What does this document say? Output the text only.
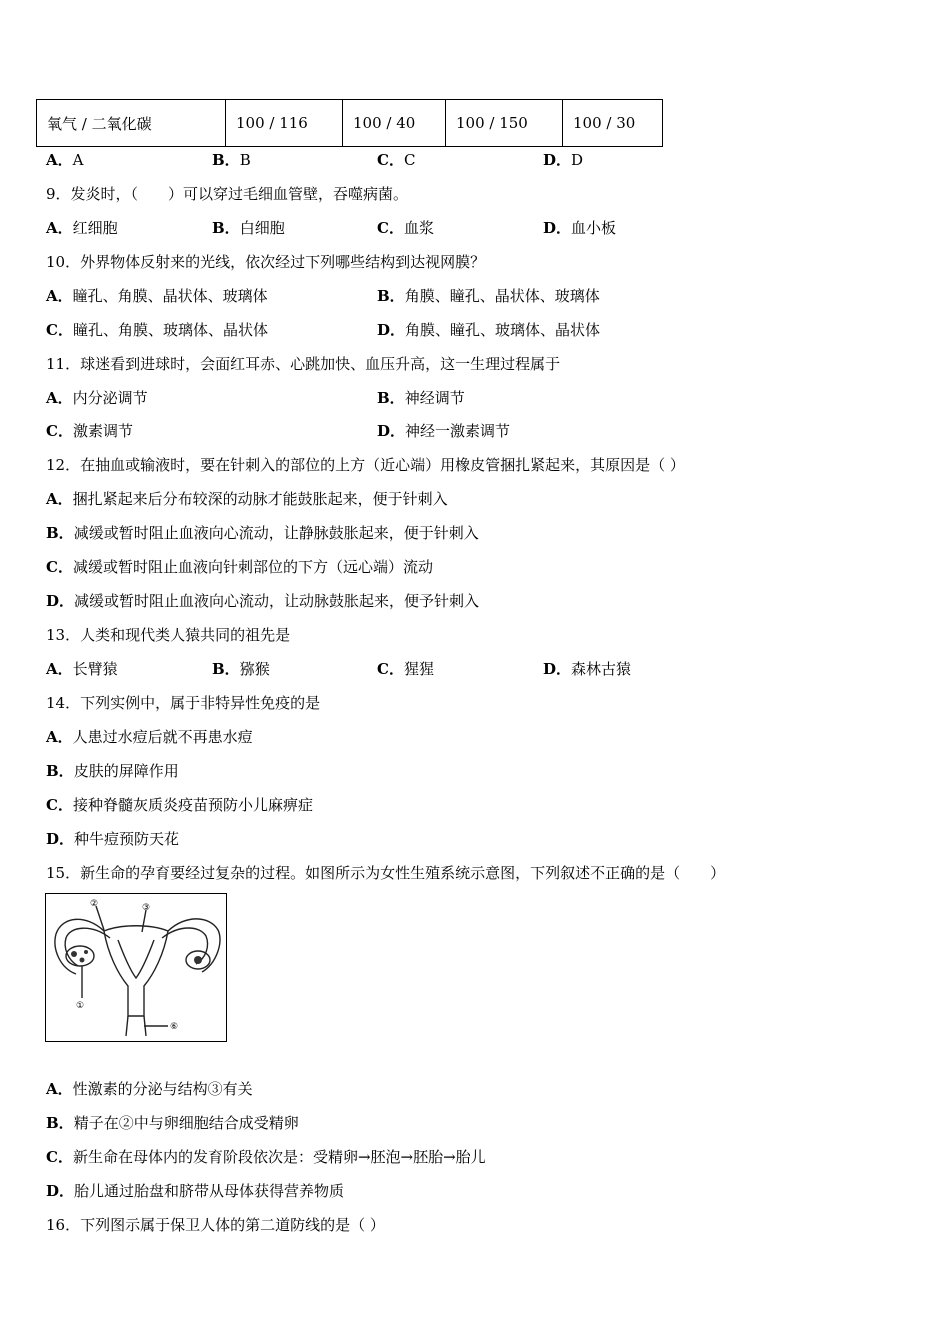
氧气 / 二氧化碳	100 / 116	100 / 40	100 / 150	100 / 30
A．A	B．B	C．C	D．D
9．发炎时，（　　）可以穿过毛细血管壁，吞噬病菌。
A．红细胞	B．白细胞	C．血浆	D．血小板
10．外界物体反射来的光线，依次经过下列哪些结构到达视网膜？
A．瞳孔、角膜、晶状体、玻璃体	B．角膜、瞳孔、晶状体、玻璃体
C．瞳孔、角膜、玻璃体、晶状体	D．角膜、瞳孔、玻璃体、晶状体
11．球迷看到进球时，会面红耳赤、心跳加快、血压升高，这一生理过程属于
A．内分泌调节	B．神经调节
C．激素调节	D．神经一激素调节
12．在抽血或输液时，要在针刺入的部位的上方（近心端）用橡皮管捆扎紧起来，其原因是（ ）
A．捆扎紧起来后分布较深的动脉才能鼓胀起来，便于针刺入
B．减缓或暂时阻止血液向心流动，让静脉鼓胀起来，便于针刺入
C．减缓或暂时阻止血液向针刺部位的下方（远心端）流动
D．减缓或暂时阻止血液向心流动，让动脉鼓胀起来，便予针刺入
13．人类和现代类人猿共同的祖先是
A．长臂猿	B．猕猴	C．猩猩	D．森林古猿
14．下列实例中，属于非特异性免疫的是
A．人患过水痘后就不再患水痘
B．皮肤的屏障作用
C．接种脊髓灰质炎疫苗预防小儿麻痹症
D．种牛痘预防天花
15．新生命的孕育要经过复杂的过程。如图所示为女性生殖系统示意图，下列叙述不正确的是（　　）
②	③
①
⑥
A．性激素的分泌与结构③有关
B．精子在②中与卵细胞结合成受精卵
C．新生命在母体内的发育阶段依次是：受精卵→胚泡→胚胎→胎儿
D．胎儿通过胎盘和脐带从母体获得营养物质
16．下列图示属于保卫人体的第二道防线的是（ ）
